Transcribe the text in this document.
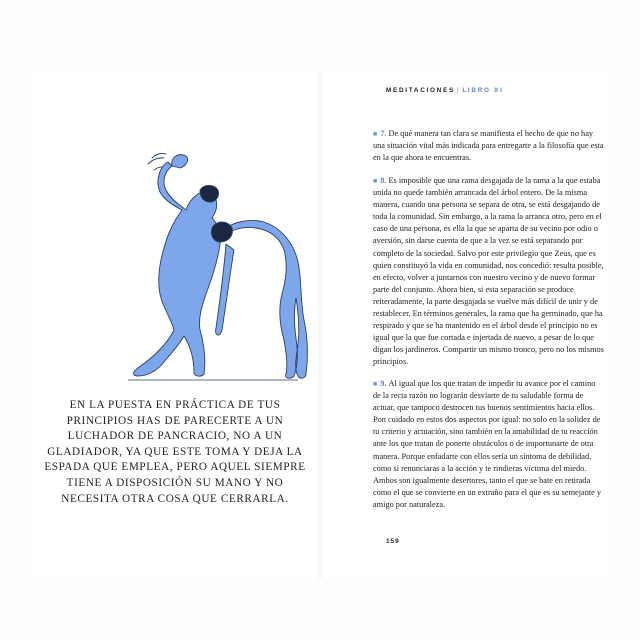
EN LA PUESTA EN PRÁCTICA DE TUS PRINCIPIOS HAS DE PARECERTE A UN LUCHADOR DE PANCRACIO, NO A UN GLADIADOR, YA QUE ESTE TOMA Y DEJA LA ESPADA QUE EMPLEA, PERO AQUEL SIEMPRE TIENE A DISPOSICIÓN SU MANO Y NO NECESITA OTRA COSA QUE CERRARLA.

MEDITACIONES | LIBRO XI

■ 7. De qué manera tan clara se manifiesta el hecho de que no hay una situación vital más indicada para entregarte a la filosofía que esta en la que ahora te encuentras.

■ 8. Es imposible que una rama desgajada de la rama a la que estaba unida no quede también arrancada del árbol entero. De la misma manera, cuando una persona se separa de otra, se está desgajando de toda la comunidad. Sin embargo, a la rama la arranca otro, pero en el caso de una persona, es ella la que se aparta de su vecino por odio o aversión, sin darse cuenta de que a la vez se está separando por completo de la sociedad. Salvo por este privilegio que Zeus, que es quien constituyó la vida en comunidad, nos concedió: resulta posible, en efecto, volver a juntarnos con nuestro vecino y de nuevo formar parte del conjunto. Ahora bien, si esta separación se produce reiteradamente, la parte desgajada se vuelve más difícil de unir y de restablecer. En términos generales, la rama que ha germinado, que ha respirado y que se ha mantenido en el árbol desde el principio no es igual que la que fue cortada e injertada de nuevo, a pesar de lo que digan los jardineros. Compartir un mismo tronco, pero no los mismos principios.

■ 9. Al igual que los que tratan de impedir tu avance por el camino de la recta razón no lograrán desviarte de tu saludable forma de actuar, que tampoco destrocen tus buenos sentimientos hacia ellos. Pon cuidado en estos dos aspectos por igual: no solo en la solidez de tu criterio y actuación, sino también en la amabilidad de tu reacción ante los que tratan de ponerte obstáculos o de importunarte de otra manera. Porque enfadarte con ellos sería un síntoma de debilidad, como si renunciaras a la acción y te rindieras víctima del miedo. Ambos son igualmente desertores, tanto el que se bate en retirada como el que se convierte en un extraño para el que es su semejante y amigo por naturaleza.

159
